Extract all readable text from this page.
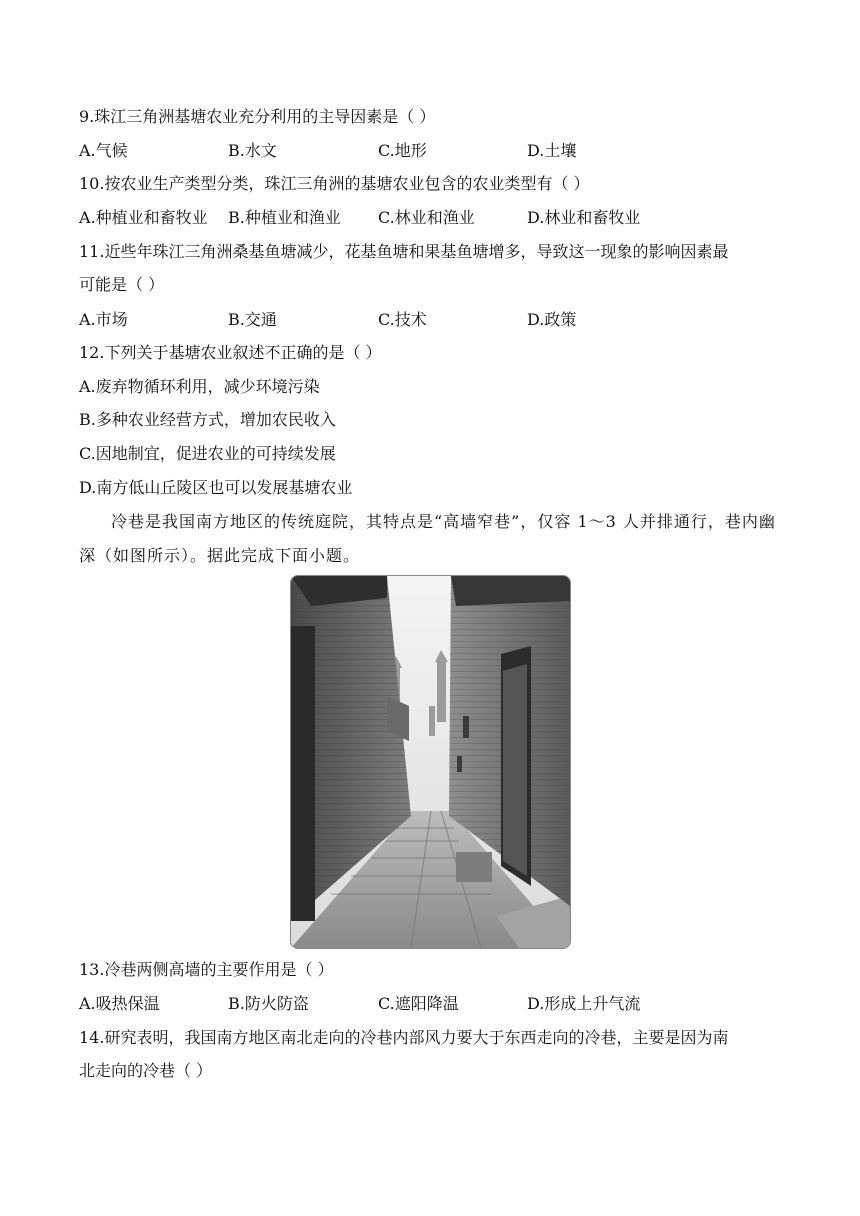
9.珠江三角洲基塘农业充分利用的主导因素是（ ）
A.气候	B.水文	C.地形	D.土壤
10.按农业生产类型分类，珠江三角洲的基塘农业包含的农业类型有（ ）
A.种植业和畜牧业 B.种植业和渔业 C.林业和渔业	D.林业和畜牧业
11.近些年珠江三角洲桑基鱼塘减少，花基鱼塘和果基鱼塘增多，导致这一现象的影响因素最
可能是（ ）
A.市场	B.交通	C.技术	D.政策
12.下列关于基塘农业叙述不正确的是（ ）
A.废弃物循环利用，减少环境污染
B.多种农业经营方式，增加农民收入
C.因地制宜，促进农业的可持续发展
D.南方低山丘陵区也可以发展基塘农业
冷巷是我国南方地区的传统庭院，其特点是“高墙窄巷”，仅容 1～3 人并排通行，巷内幽
深（如图所示）。据此完成下面小题。
13.冷巷两侧高墙的主要作用是（ ）
A.吸热保温	B.防火防盗	C.遮阳降温	D.形成上升气流
14.研究表明，我国南方地区南北走向的冷巷内部风力要大于东西走向的冷巷，主要是因为南
北走向的冷巷（ ）
